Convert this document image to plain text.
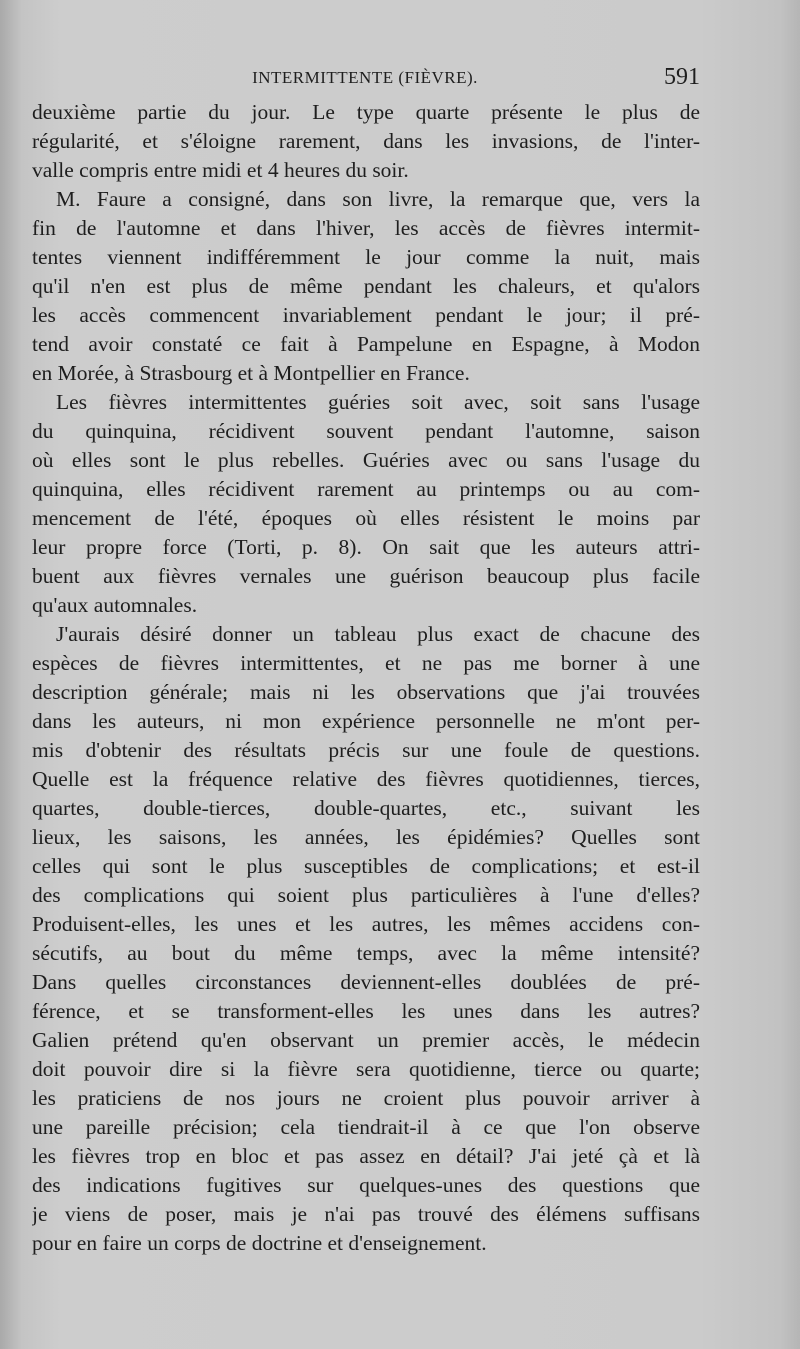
INTERMITTENTE (FIÈVRE).	591
deuxième partie du jour. Le type quarte présente le plus de
régularité, et s'éloigne rarement, dans les invasions, de l'inter-
valle compris entre midi et 4 heures du soir.
M. Faure a consigné, dans son livre, la remarque que, vers la
fin de l'automne et dans l'hiver, les accès de fièvres intermit-
tentes viennent indifféremment le jour comme la nuit, mais
qu'il n'en est plus de même pendant les chaleurs, et qu'alors
les accès commencent invariablement pendant le jour; il pré-
tend avoir constaté ce fait à Pampelune en Espagne, à Modon
en Morée, à Strasbourg et à Montpellier en France.
Les fièvres intermittentes guéries soit avec, soit sans l'usage
du quinquina, récidivent souvent pendant l'automne, saison
où elles sont le plus rebelles. Guéries avec ou sans l'usage du
quinquina, elles récidivent rarement au printemps ou au com-
mencement de l'été, époques où elles résistent le moins par
leur propre force (Torti, p. 8). On sait que les auteurs attri-
buent aux fièvres vernales une guérison beaucoup plus facile
qu'aux automnales.
J'aurais désiré donner un tableau plus exact de chacune des
espèces de fièvres intermittentes, et ne pas me borner à une
description générale; mais ni les observations que j'ai trouvées
dans les auteurs, ni mon expérience personnelle ne m'ont per-
mis d'obtenir des résultats précis sur une foule de questions.
Quelle est la fréquence relative des fièvres quotidiennes, tierces,
quartes, double-tierces, double-quartes, etc., suivant les
lieux, les saisons, les années, les épidémies? Quelles sont
celles qui sont le plus susceptibles de complications; et est-il
des complications qui soient plus particulières à l'une d'elles?
Produisent-elles, les unes et les autres, les mêmes accidens con-
sécutifs, au bout du même temps, avec la même intensité?
Dans quelles circonstances deviennent-elles doublées de pré-
férence, et se transforment-elles les unes dans les autres?
Galien prétend qu'en observant un premier accès, le médecin
doit pouvoir dire si la fièvre sera quotidienne, tierce ou quarte;
les praticiens de nos jours ne croient plus pouvoir arriver à
une pareille précision; cela tiendrait-il à ce que l'on observe
les fièvres trop en bloc et pas assez en détail? J'ai jeté çà et là
des indications fugitives sur quelques-unes des questions que
je viens de poser, mais je n'ai pas trouvé des élémens suffisans
pour en faire un corps de doctrine et d'enseignement.
